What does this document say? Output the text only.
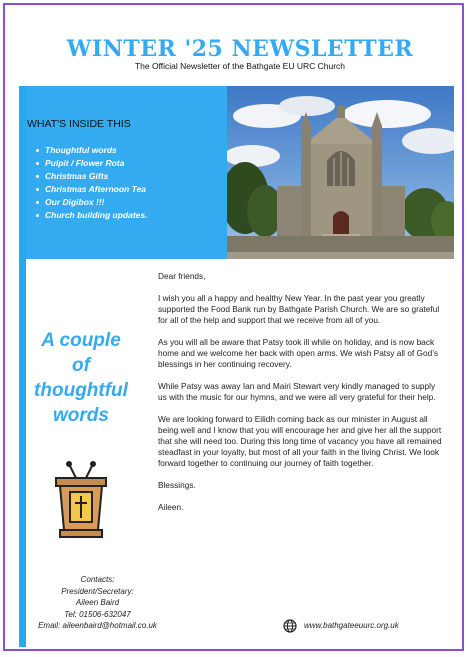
WINTER '25 NEWSLETTER
The Official Newsletter of the Bathgate EU URC Church
WHAT'S INSIDE THIS
Thoughtful words
Pulpit / Flower Rota
Christmas Gifts
Christmas Afternoon Tea
Our Digibox !!!
Church building updates.
A couple
of
thoughtful
words

Dear friends,

I wish you all a happy and healthy New Year. In the past year you greatly supported the Food Bank run by Bathgate Parish Church. We are so grateful for all of the help and support that we receive from all of you.

As you will all be aware that Patsy took ill while on holiday, and is now back home and we welcome her back with open arms. We wish Patsy all of God’s blessings in her continuing recovery.

While Patsy was away Ian and Mairi Stewart very kindly managed to supply us with the music for our hymns, and we were all very grateful for their help.

We are looking forward to Eilidh coming back as our minister in August all being well and I know that you will encourage her and give her all the support that she will need too. During this long time of vacancy you have all remained steadfast in your loyalty, but most of all your faith in the living Christ. We look forward together to continuing our journey of faith together.

Blessings.

Aileen.

Contacts:
President/Secretary:
Aileen Baird
Tel: 01506-632047
Email: aileenbaird@hotmail.co.uk	www.bathgateeuurc.org.uk
